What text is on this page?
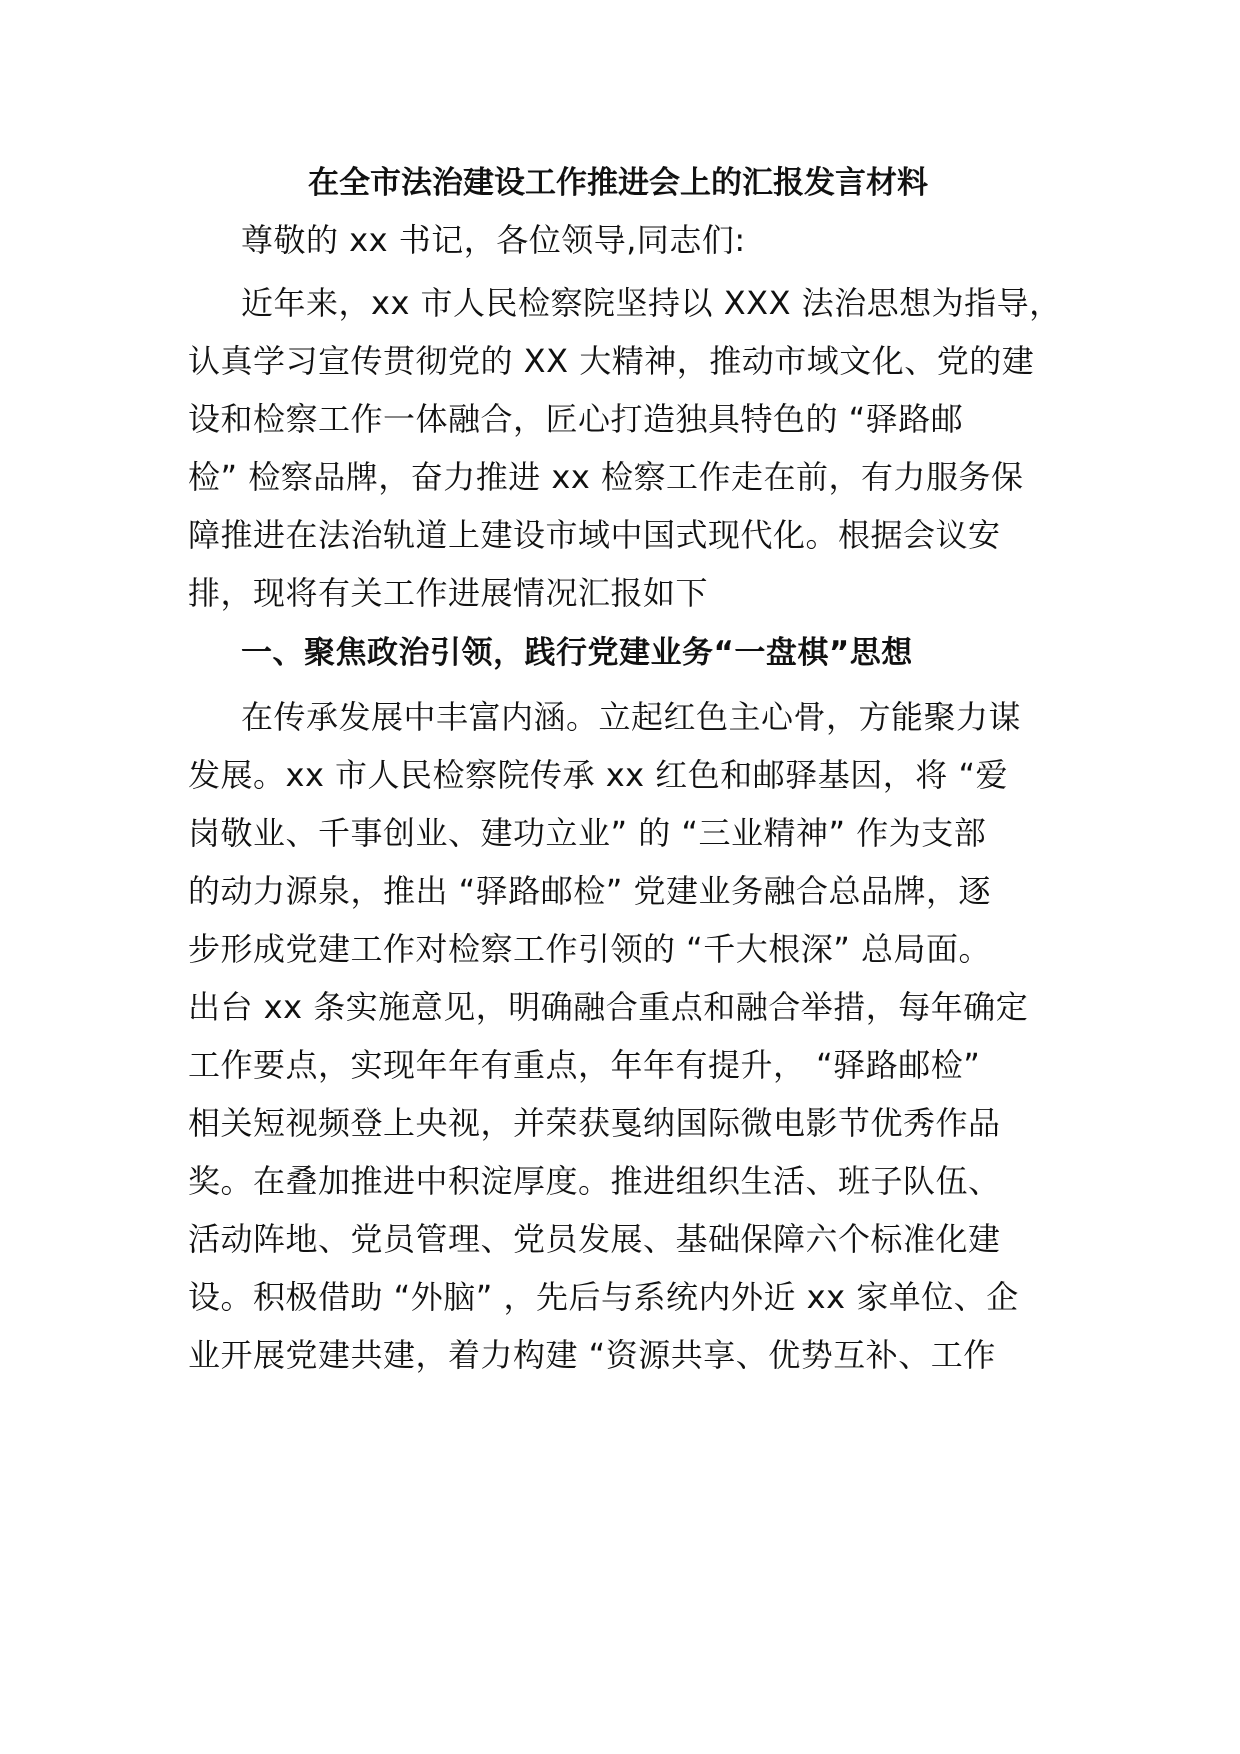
在全市法治建设工作推进会上的汇报发言材料
尊敬的 xx 书记，各位领导,同志们:
近年来，xx 市人民检察院坚持以 XXX 法治思想为指导，
认真学习宣传贯彻党的 XX 大精神，推动市域文化、党的建
设和检察工作一体融合，匠心打造独具特色的 “驿路邮
检” 检察品牌，奋力推进 xx 检察工作走在前，有力服务保
障推进在法治轨道上建设市域中国式现代化。根据会议安
排，现将有关工作进展情况汇报如下
一、聚焦政治引领，践行党建业务“一盘棋”思想
在传承发展中丰富内涵。立起红色主心骨，方能聚力谋
发展。xx 市人民检察院传承 xx 红色和邮驿基因，将 “爱
岗敬业、千事创业、建功立业” 的 “三业精神” 作为支部
的动力源泉，推出 “驿路邮检” 党建业务融合总品牌，逐
步形成党建工作对检察工作引领的 “千大根深” 总局面。
出台 xx 条实施意见，明确融合重点和融合举措，每年确定
工作要点，实现年年有重点，年年有提升， “驿路邮检”
相关短视频登上央视，并荣获戛纳国际微电影节优秀作品
奖。在叠加推进中积淀厚度。推进组织生活、班子队伍、
活动阵地、党员管理、党员发展、基础保障六个标准化建
设。积极借助 “外脑” ，先后与系统内外近 xx 家单位、企
业开展党建共建，着力构建 “资源共享、优势互补、工作
